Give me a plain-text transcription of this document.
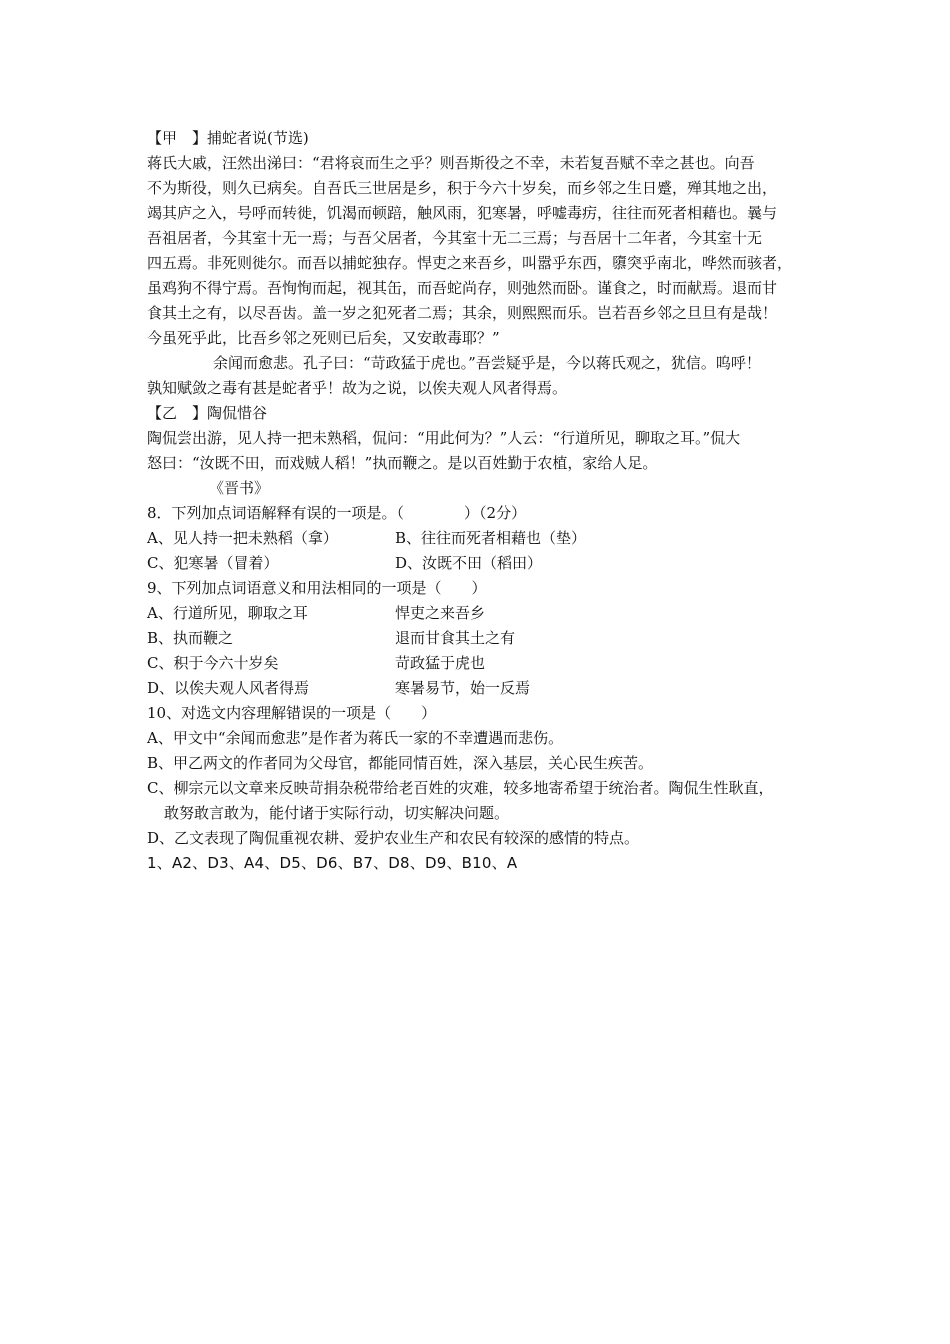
【甲　】捕蛇者说(节选)
蒋氏大戚，汪然出涕曰：“君将哀而生之乎？则吾斯役之不幸，未若复吾赋不幸之甚也。向吾
不为斯役，则久已病矣。自吾氏三世居是乡，积于今六十岁矣，而乡邻之生日蹙，殚其地之出，
竭其庐之入，号呼而转徙，饥渴而顿踣，触风雨，犯寒暑，呼嘘毒疠，往往而死者相藉也。曩与
吾祖居者，今其室十无一焉；与吾父居者，今其室十无二三焉；与吾居十二年者，今其室十无
四五焉。非死则徙尔。而吾以捕蛇独存。悍吏之来吾乡，叫嚣乎东西，隳突乎南北，哗然而骇者，
虽鸡狗不得宁焉。吾恂恂而起，视其缶，而吾蛇尚存，则弛然而卧。谨食之，时而献焉。退而甘
食其土之有，以尽吾齿。盖一岁之犯死者二焉；其余，则熙熙而乐。岂若吾乡邻之旦旦有是哉！
今虽死乎此，比吾乡邻之死则已后矣，又安敢毒耶？”
余闻而愈悲。孔子曰：“苛政猛于虎也。”吾尝疑乎是，今以蒋氏观之，犹信。呜呼！
孰知赋敛之毒有甚是蛇者乎！故为之说，以俟夫观人风者得焉。
【乙　】陶侃惜谷
陶侃尝出游，见人持一把未熟稻，侃问：“用此何为？”人云：“行道所见，聊取之耳。”侃大
怒曰：“汝既不田，而戏贼人稻！”执而鞭之。是以百姓勤于农植，家给人足。
《晋书》
8．下列加点词语解释有误的一项是。（　　　　）（2分）
A、见人持一把未熟稻（拿）	B、往往而死者相藉也（垫）
C、犯寒暑（冒着）	D、汝既不田（稻田）
9、下列加点词语意义和用法相同的一项是（　　）
A、行道所见，聊取之耳	悍吏之来吾乡
B、执而鞭之	退而甘食其土之有
C、积于今六十岁矣	苛政猛于虎也
D、以俟夫观人风者得焉	寒暑易节，始一反焉
10、对选文内容理解错误的一项是（　　）
A、甲文中“余闻而愈悲”是作者为蒋氏一家的不幸遭遇而悲伤。
B、甲乙两文的作者同为父母官，都能同情百姓，深入基层，关心民生疾苦。
C、柳宗元以文章来反映苛捐杂税带给老百姓的灾难，较多地寄希望于统治者。陶侃生性耿直，
敢努敢言敢为，能付诸于实际行动，切实解决问题。
D、乙文表现了陶侃重视农耕、爱护农业生产和农民有较深的感情的特点。
1、A2、D3、A4、D5、D6、B7、D8、D9、B10、A
